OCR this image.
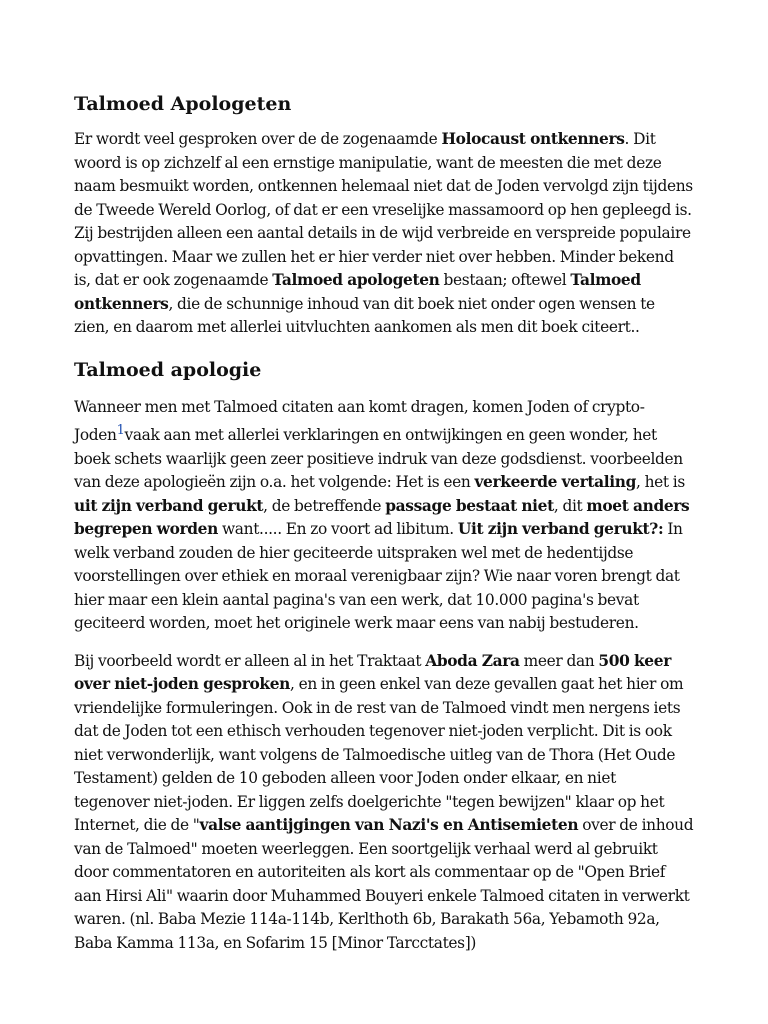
Talmoed Apologeten

Er wordt veel gesproken over de de zogenaamde Holocaust ontkenners. Dit woord is op zichzelf al een ernstige manipulatie, want de meesten die met deze naam besmuikt worden, ontkennen helemaal niet dat de Joden vervolgd zijn tijdens de Tweede Wereld Oorlog, of dat er een vreselijke massamoord op hen gepleegd is. Zij bestrijden alleen een aantal details in de wijd verbreide en verspreide populaire opvattingen. Maar we zullen het er hier verder niet over hebben. Minder bekend is, dat er ook zogenaamde Talmoed apologeten bestaan; oftewel Talmoed ontkenners, die de schunnige inhoud van dit boek niet onder ogen wensen te zien, en daarom met allerlei uitvluchten aankomen als men dit boek citeert..

Talmoed apologie

Wanneer men met Talmoed citaten aan komt dragen, komen Joden of crypto-Joden$^1$vaak aan met allerlei verklaringen en ontwijkingen en geen wonder, het boek schets waarlijk geen zeer positieve indruk van deze godsdienst. voorbeelden van deze apologieën zijn o.a. het volgende: Het is een verkeerde vertaling, het is uit zijn verband gerukt, de betreffende passage bestaat niet, dit moet anders begrepen worden want..... En zo voort ad libitum. Uit zijn verband gerukt?: In welk verband zouden de hier geciteerde uitspraken wel met de hedentijdse voorstellingen over ethiek en moraal verenigbaar zijn? Wie naar voren brengt dat hier maar een klein aantal pagina's van een werk, dat 10.000 pagina's bevat geciteerd worden, moet het originele werk maar eens van nabij bestuderen.

Bij voorbeeld wordt er alleen al in het Traktaat Aboda Zara meer dan 500 keer over niet-joden gesproken, en in geen enkel van deze gevallen gaat het hier om vriendelijke formuleringen. Ook in de rest van de Talmoed vindt men nergens iets dat de Joden tot een ethisch verhouden tegenover niet-joden verplicht. Dit is ook niet verwonderlijk, want volgens de Talmoedische uitleg van de Thora (Het Oude Testament) gelden de 10 geboden alleen voor Joden onder elkaar, en niet tegenover niet-joden. Er liggen zelfs doelgerichte "tegen bewijzen" klaar op het Internet, die de "valse aantijgingen van Nazi's en Antisemieten over de inhoud van de Talmoed" moeten weerleggen. Een soortgelijk verhaal werd al gebruikt door commentatoren en autoriteiten als kort als commentaar op de "Open Brief aan Hirsi Ali" waarin door Muhammed Bouyeri enkele Talmoed citaten in verwerkt waren. (nl. Baba Mezie 114a-114b, Kerlthoth 6b, Barakath 56a, Yebamoth 92a, Baba Kamma 113a, en Sofarim 15 [Minor Tarcctates])
